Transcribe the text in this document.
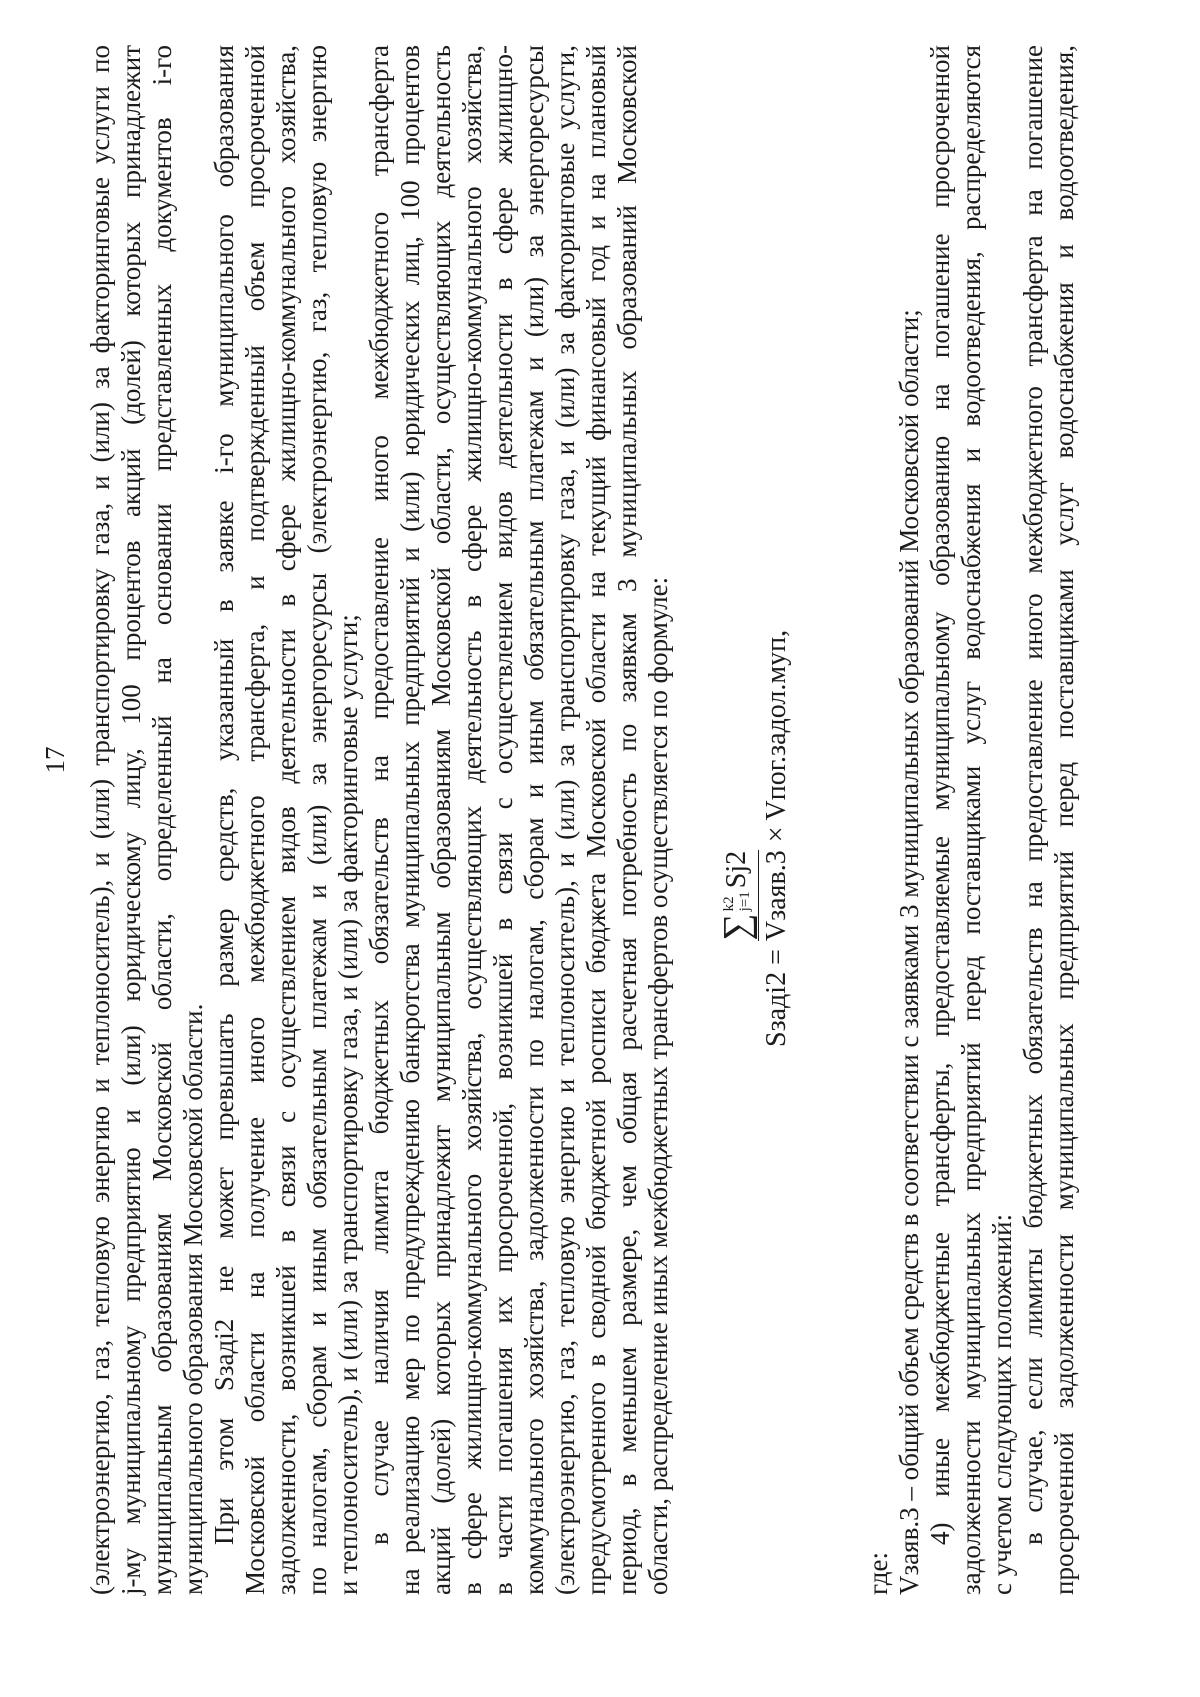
17 (электроэнергию, газ, тепловую энергию и теплоноситель), и (или) транспортировку газа, и (или) за факторинговые услуги по j-му муниципальному предприятию и (или) юридическому лицу, 100 процентов акций (долей) которых принадлежит муниципальным образованиям Московской области, определенный на основании представленных документов i-го муниципального образования Московской области. При этом Sзадi2 не может превышать размер средств, указанный в заявке i-го муниципального образования Московской области на получение иного межбюджетного трансферта, и подтвержденный объем просроченной задолженности, возникшей в связи с осуществлением видов деятельности в сфере жилищно-коммунального хозяйства, по налогам, сборам и иным обязательным платежам и (или) за энергоресурсы (электроэнергию, газ, тепловую энергию и теплоноситель), и (или) за транспортировку газа, и (или) за факторинговые услуги; в случае наличия лимита бюджетных обязательств на предоставление иного межбюджетного трансферта на реализацию мер по предупреждению банкротства муниципальных предприятий и (или) юридических лиц, 100 процентов акций (долей) которых принадлежит муниципальным образованиям Московской области, осуществляющих деятельность в сфере жилищно-коммунального хозяйства, осуществляющих деятельность в сфере жилищно-коммунального хозяйства, в части погашения их просроченной, возникшей в связи с осуществлением видов деятельности в сфере жилищно- коммунального хозяйства, задолженности по налогам, сборам и иным обязательным платежам и (или) за энергоресурсы (электроэнергию, газ, тепловую энергию и теплоноситель), и (или) за транспортировку газа, и (или) за факторинговые услуги, предусмотренного в сводной бюджетной росписи бюджета Московской области на текущий финансовый год и на плановый период, в меньшем размере, чем общая расчетная потребность по заявкам 3 муниципальных образований Московской области, распределение иных межбюджетных трансфертов осуществляется по формуле:	Sзадi2 =
∑
k2 j=1
Sj2 Vзаяв.3
×
Vпог.задол.муп,
где: Vзаяв.3 – общий объем средств в соответствии с заявками 3 муниципальных образований Московской области; 4) иные межбюджетные трансферты, предоставляемые муниципальному образованию на погашение просроченной задолженности муниципальных предприятий перед поставщиками услуг водоснабжения и водоотведения, распределяются с учетом следующих положений: в случае, если лимиты бюджетных обязательств на предоставление иного межбюджетного трансферта на погашение просроченной задолженности муниципальных предприятий перед поставщиками услуг водоснабжения и водоотведения,
